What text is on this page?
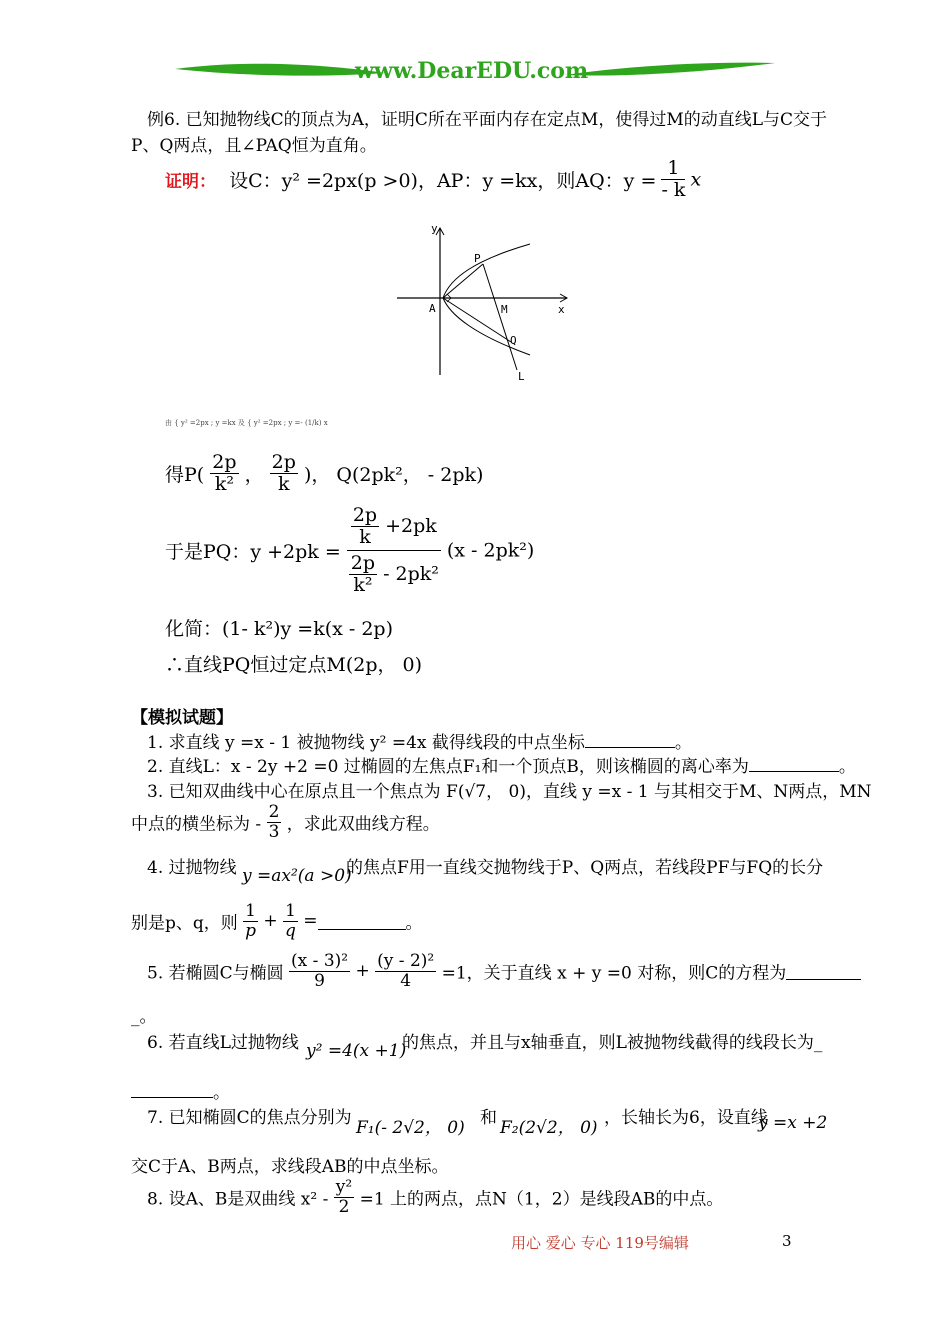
www.DearEDU.com
例6. 已知抛物线C的顶点为A，证明C所在平面内存在定点M，使得过M的动直线L与C交于
P、Q两点，且∠PAQ恒为直角。
证明： 设C：y² =2px(p >0)，AP：y =kx，则AQ：$y = \frac{1}{- k}$ x
y
x
A	M
P
Q
L
由 { y² =2px ; y =kx 及 { y² =2px ; y =- (1/k) x
得$P( \frac{2p}{\text{k²}}$ ， $\frac{2p}{k}$ )， Q(2pk²， - 2pk)
于是PQ：$y +2pk = \frac{\frac{2p}{k} +2pk}{\frac{2p}{\text{k²}} - 2pk^2} (x - 2pk^2)$
化简：(1- k²)y =k(x - 2p)
∴直线PQ恒过定点M(2p， 0)
【模拟试题】
1. 求直线 y =x - 1 被抛物线 y² =4x 截得线段的中点坐标	。
2. 直线L：x - 2y +2 =0 过椭圆的左焦点F₁和一个顶点B，则该椭圆的离心率为	。
3. 已知双曲线中心在原点且一个焦点为 F(√7， 0)，直线 y =x - 1 与其相交于M、N两点，MN
中点的横坐标为 - $\frac{2}{3}$ ，求此双曲线方程。
4. 过抛物线 y =ax²(a >0)
的焦点F用一直线交抛物线于P、Q两点，若线段PF与FQ的长分
别是p、q，则 $\frac{1}{p} + \frac{1}{q}$ =	。
5. 若椭圆C与椭圆 $\frac{\text{(x - 3)²}}{9} + \frac{\text{(y - 2)²}}{4} =1$，关于直线 x + y =0 对称，则C的方程为
_。
6. 若直线L过抛物线 y² =4(x +1)
的焦点，并且与x轴垂直，则L被抛物线截得的线段长为_
。
7. 已知椭圆C的焦点分别为 F₁(- 2√2， 0) 和 F₂(2√2， 0) ，长轴长为6，设直线
y =x +2
交C于A、B两点，求线段AB的中点坐标。
8. 设A、B是双曲线 $x^2 - \frac{\text{y²}}{2} =1$ 上的两点，点N（1，2）是线段AB的中点。
用心 爱心 专心 119号编辑	3
